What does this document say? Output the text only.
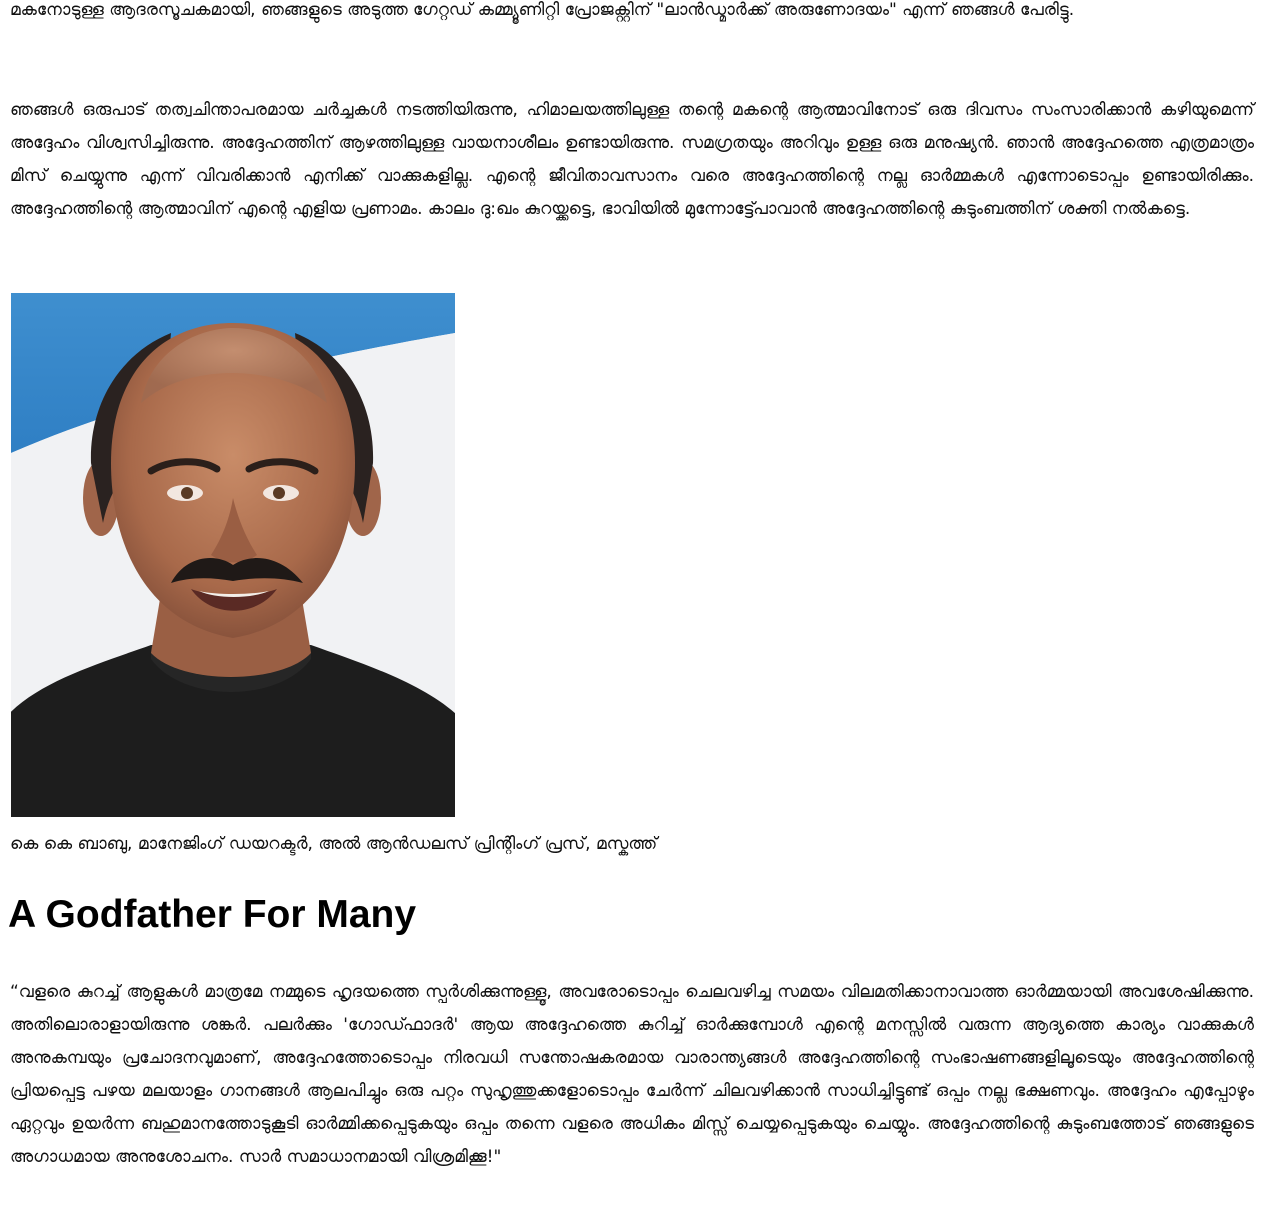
മകനോടുള്ള ആദരസൂചകമായി, ഞങ്ങളുടെ അടുത്ത ഗേറ്റഡ് കമ്മ്യൂണിറ്റി പ്രോജക്റ്റിന് "ലാൻഡ്മാർക്ക് അരുണോദയം" എന്ന് ഞങ്ങൾ പേരിട്ടു.

ഞങ്ങൾ ഒരുപാട് തത്വചിന്താപരമായ ചർച്ചകൾ നടത്തിയിരുന്നു, ഹിമാലയത്തിലുള്ള തന്റെ മകന്റെ ആത്മാവിനോട് ഒരു ദിവസം സംസാരിക്കാൻ കഴിയുമെന്ന് അദ്ദേഹം വിശ്വസിച്ചിരുന്നു. അദ്ദേഹത്തിന് ആഴത്തിലുള്ള വായനാശീലം ഉണ്ടായിരുന്നു. സമഗ്രതയും അറിവും ഉള്ള ഒരു മനുഷ്യൻ. ഞാൻ അദ്ദേഹത്തെ എത്രമാത്രം മിസ് ചെയ്യുന്നു എന്ന് വിവരിക്കാൻ എനിക്ക് വാക്കുകളില്ല. എന്റെ ജീവിതാവസാനം വരെ അദ്ദേഹത്തിന്റെ നല്ല ഓർമ്മകൾ എന്നോടൊപ്പം ഉണ്ടായിരിക്കും. അദ്ദേഹത്തിന്റെ ആത്മാവിന് എന്റെ എളിയ പ്രണാമം. കാലം ദു:ഖം കുറയ്ക്കട്ടെ, ഭാവിയിൽ മുന്നോട്ട്പോവാൻ അദ്ദേഹത്തിന്റെ കുടുംബത്തിന് ശക്തി നൽകട്ടെ.

കെ കെ ബാബു, മാനേജിംഗ് ഡയറക്ടർ, അൽ ആൻഡലസ് പ്രിന്റിംഗ് പ്രസ്, മസ്കത്ത്
A Godfather For Many

“വളരെ കുറച്ച് ആളുകൾ മാത്രമേ നമ്മുടെ ഹൃദയത്തെ സ്പർശിക്കുന്നുള്ളൂ, അവരോടൊപ്പം ചെലവഴിച്ച സമയം വിലമതിക്കാനാവാത്ത ഓർമ്മയായി അവശേഷിക്കുന്നു. അതിലൊരാളായിരുന്നു ശങ്കർ. പലർക്കും 'ഗോഡ്ഫാദർ' ആയ അദ്ദേഹത്തെ കുറിച്ച് ഓർക്കുമ്പോൾ എന്റെ മനസ്സിൽ വരുന്ന ആദ്യത്തെ കാര്യം വാക്കുകൾ അനുകമ്പയും പ്രചോദനവുമാണ്, അദ്ദേഹത്തോടൊപ്പം നിരവധി സന്തോഷകരമായ വാരാന്ത്യങ്ങൾ അദ്ദേഹത്തിന്റെ സംഭാഷണങ്ങളിലൂടെയും അദ്ദേഹത്തിന്റെ പ്രിയപ്പെട്ട പഴയ മലയാളം ഗാനങ്ങൾ ആലപിച്ചും ഒരു പറ്റം സുഹൃത്തുക്കളോടൊപ്പം ചേർന്ന് ചിലവഴിക്കാൻ സാധിച്ചിട്ടുണ്ട് ഒപ്പം നല്ല ഭക്ഷണവും. അദ്ദേഹം എപ്പോഴും ഏറ്റവും ഉയർന്ന ബഹുമാനത്തോടുകൂടി ഓർമ്മിക്കപ്പെടുകയും ഒപ്പം തന്നെ വളരെ അധികം മിസ്സ് ചെയ്യപ്പെടുകയും ചെയ്യും. അദ്ദേഹത്തിന്റെ കുടുംബത്തോട് ഞങ്ങളുടെ അഗാധമായ അനുശോചനം. സാർ സമാധാനമായി വിശ്രമിക്കൂ!"
